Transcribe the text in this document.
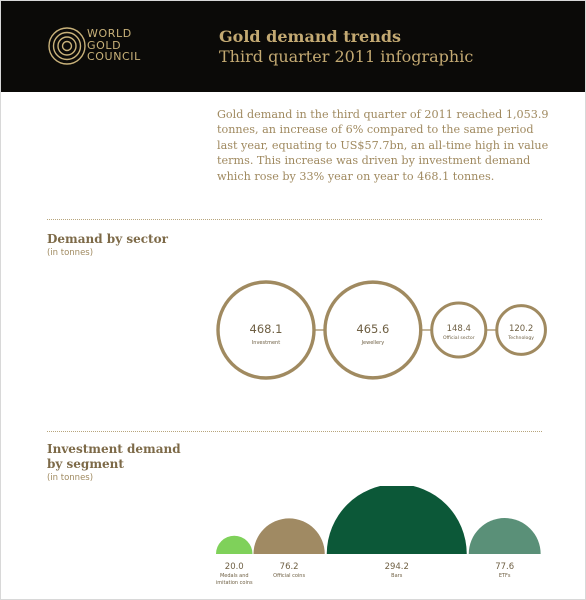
WORLD
GOLD
COUNCIL
Gold demand trends
Third quarter 2011 infographic
Gold demand in the third quarter of 2011 reached 1,053.9 tonnes, an increase of 6% compared to the same period last year, equating to US$57.7bn, an all-time high in value terms. This increase was driven by investment demand which rose by 33% year on year to 468.1 tonnes.
Demand by sector
(in tonnes)
468.1
Investment
465.6
Jewellery
148.4
Official sector
120.2
Technology
Investment demand
by segment
(in tonnes)
20.0
Medals and
imitation coins
76.2
Official coins
294.2
Bars
77.6
ETFs
